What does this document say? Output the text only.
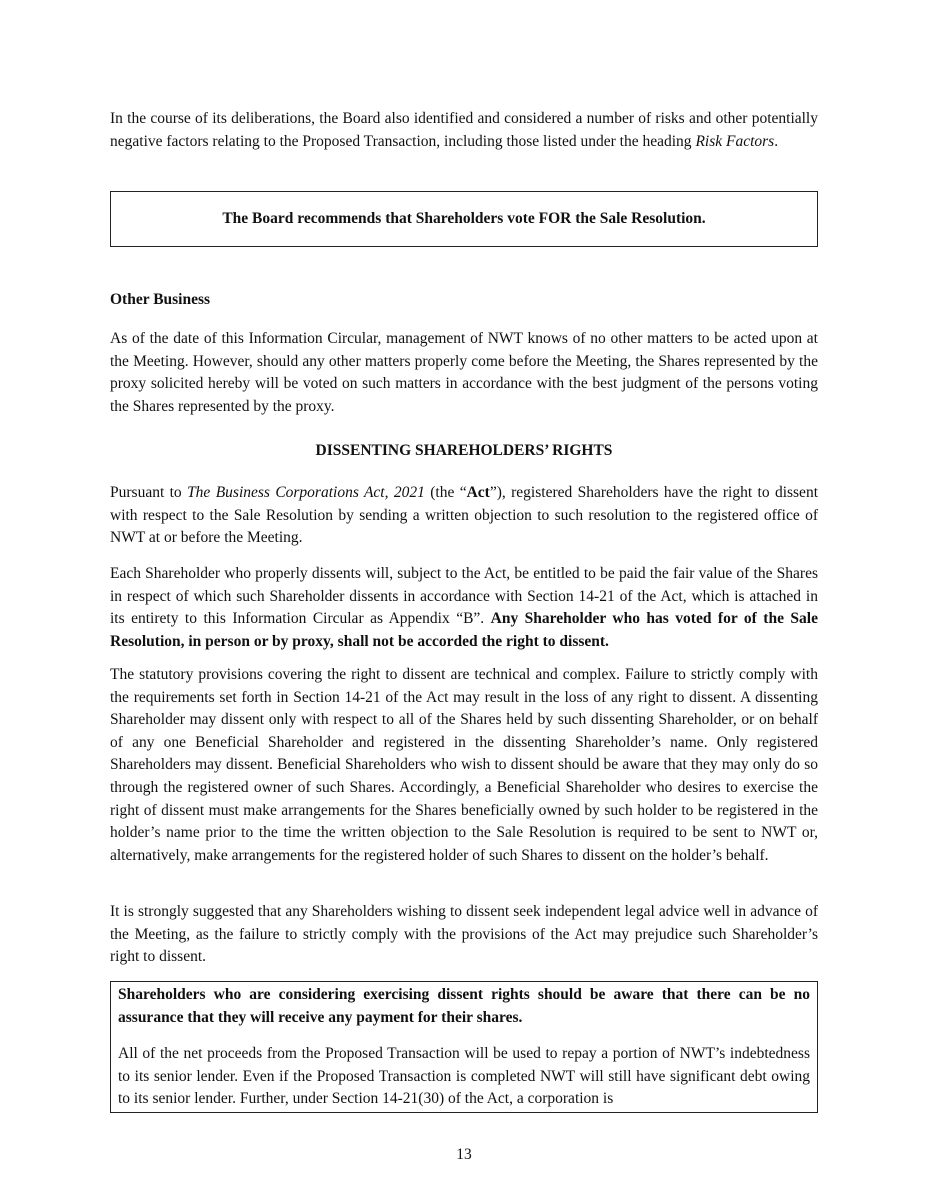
In the course of its deliberations, the Board also identified and considered a number of risks and other potentially negative factors relating to the Proposed Transaction, including those listed under the heading Risk Factors.

The Board recommends that Shareholders vote FOR the Sale Resolution.

Other Business

As of the date of this Information Circular, management of NWT knows of no other matters to be acted upon at the Meeting. However, should any other matters properly come before the Meeting, the Shares represented by the proxy solicited hereby will be voted on such matters in accordance with the best judgment of the persons voting the Shares represented by the proxy.

DISSENTING SHAREHOLDERS’ RIGHTS

Pursuant to The Business Corporations Act, 2021 (the “Act”), registered Shareholders have the right to dissent with respect to the Sale Resolution by sending a written objection to such resolution to the registered office of NWT at or before the Meeting.

Each Shareholder who properly dissents will, subject to the Act, be entitled to be paid the fair value of the Shares in respect of which such Shareholder dissents in accordance with Section 14-21 of the Act, which is attached in its entirety to this Information Circular as Appendix “B”. Any Shareholder who has voted for of the Sale Resolution, in person or by proxy, shall not be accorded the right to dissent.

The statutory provisions covering the right to dissent are technical and complex. Failure to strictly comply with the requirements set forth in Section 14-21 of the Act may result in the loss of any right to dissent. A dissenting Shareholder may dissent only with respect to all of the Shares held by such dissenting Shareholder, or on behalf of any one Beneficial Shareholder and registered in the dissenting Shareholder’s name. Only registered Shareholders may dissent. Beneficial Shareholders who wish to dissent should be aware that they may only do so through the registered owner of such Shares. Accordingly, a Beneficial Shareholder who desires to exercise the right of dissent must make arrangements for the Shares beneficially owned by such holder to be registered in the holder’s name prior to the time the written objection to the Sale Resolution is required to be sent to NWT or, alternatively, make arrangements for the registered holder of such Shares to dissent on the holder’s behalf.

It is strongly suggested that any Shareholders wishing to dissent seek independent legal advice well in advance of the Meeting, as the failure to strictly comply with the provisions of the Act may prejudice such Shareholder’s right to dissent.

Shareholders who are considering exercising dissent rights should be aware that there can be no assurance that they will receive any payment for their shares.

All of the net proceeds from the Proposed Transaction will be used to repay a portion of NWT’s indebtedness to its senior lender. Even if the Proposed Transaction is completed NWT will still have significant debt owing to its senior lender. Further, under Section 14-21(30) of the Act, a corporation is

13
